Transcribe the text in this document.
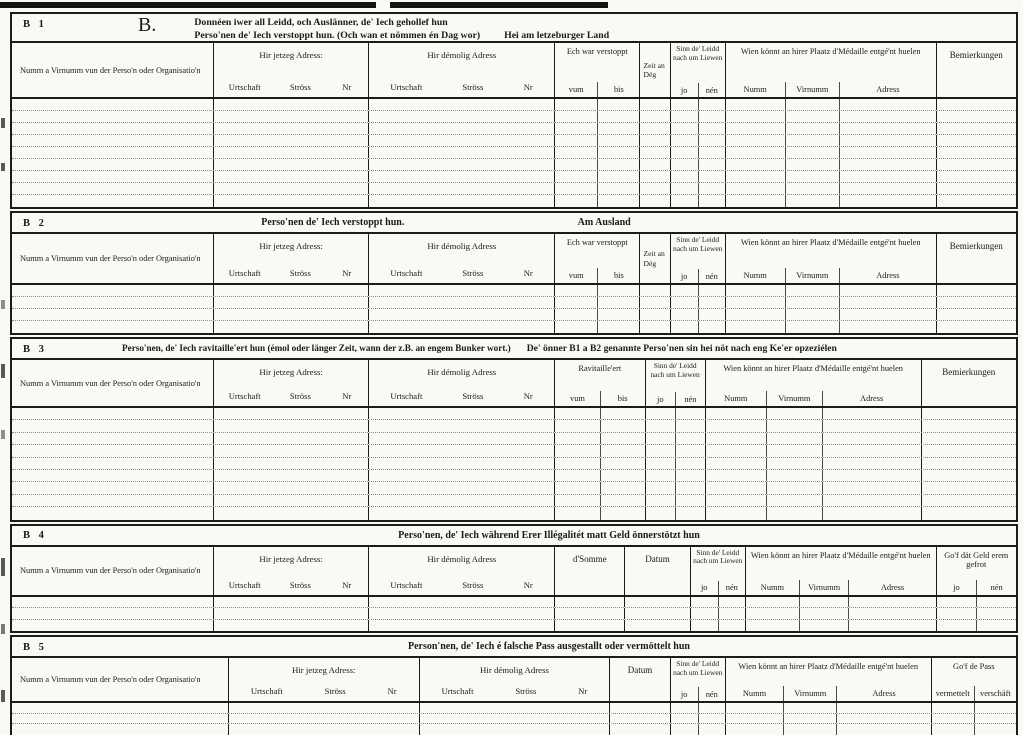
B 1	B.	Donnéen iwer all Leidd, och Auslänner, de' Iech gehollef hun
Perso'nen de' Iech verstoppt hun. (Och wan et nömmen én Dag wor) Hei am letzeburger Land
Numm a Virnumm vun der Perso'n oder Organisatio'n
Hir jetzeg Adress:
Urtschaft	Ströss	Nr
Hir démolig Adress
Urtschaft	Ströss	Nr
Ech war verstoppt
vum	bis
Zeit an Dég
Sinn de' Leidd nach um Liewen
jo	nén
Wien könnt an hirer Plaatz d'Médaille entgé'nt huelen
Numm	Virnumm	Adress
Bemierkungen
B 2	Perso'nen de' Iech verstoppt hun.	Am Ausland
Numm a Virnumm vun der Perso'n oder Organisatio'n
Hir jetzeg Adress:
Urtschaft	Ströss	Nr
Hir démolig Adress
Urtschaft	Ströss	Nr
Ech war verstoppt
vum	bis
Zeit an Dég
Sinn de' Leidd nach um Liewen
jo	nén
Wien könnt an hirer Plaatz d'Médaille entgé'nt huelen
Numm	Virnumm	Adress
Bemierkungen
B 3	Perso'nen, de' Iech ravitaille'ert hun (émol oder länger Zeit, wann der z.B. an engem Bunker wort.) De' önner B1 a B2 genannte Perso'nen sin hei nöt nach eng Ke'er opzeziélen
Numm a Virnumm vun der Perso'n oder Organisatio'n
Hir jetzeg Adress:
Urtschaft	Ströss	Nr
Hir démolig Adress
Urtschaft	Ströss	Nr
Ravitaille'ert
vum	bis
Sinn de' Leidd nach um Liewen
jo	nén
Wien könnt an hirer Plaatz d'Médaille entgé'nt huelen
Numm	Virnumm	Adress
Bemierkungen
B 4	Perso'nen, de' Iech während Erer Illégalitét matt Geld önnerstötzt hun
Numm a Virnumm vun der Perso'n oder Organisatio'n
Hir jetzeg Adress:
Urtschaft	Ströss	Nr
Hir démolig Adress
Urtschaft	Ströss	Nr
d'Somme	Datum
Sinn de' Leidd nach um Liewen
jo	nén
Wien könnt an hirer Plaatz d'Médaille entgé'nt huelen
Numm	Virnumm	Adress
Go'f dät Geld erem gefrot
jo	nén
B 5	Person'nen, de' Iech é falsche Pass ausgestallt oder vermöttelt hun
Numm a Virnumm vun der Perso'n oder Organisatio'n
Hir jetzeg Adress:
Urtschaft	Ströss	Nr
Hir démolig Adress
Urtschaft	Ströss	Nr
Datum
Sinn de' Leidd nach um Liewen
jo	nén
Wien könnt an hirer Plaatz d'Médaille entgé'nt huelen
Numm	Virnumm	Adress
Go'f de Pass
vermettelt	verschäft
